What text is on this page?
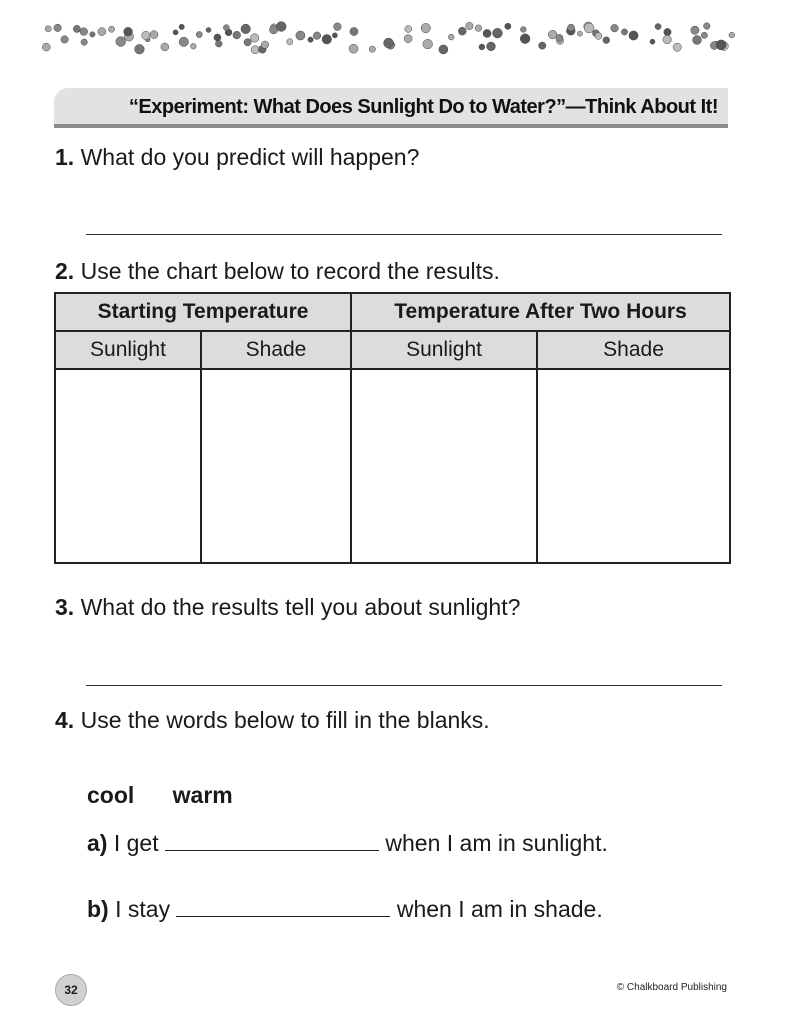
“Experiment: What Does Sunlight Do to Water?”—Think About It!
1. What do you predict will happen?
2. Use the chart below to record the results.
Starting Temperature		Temperature After Two Hours	
Sunlight	Shade	Sunlight	Shade

3. What do the results tell you about sunlight?
4. Use the words below to fill in the blanks.
cool warm
a) I get	when I am in sunlight.
b) I stay	when I am in shade.
32	© Chalkboard Publishing
